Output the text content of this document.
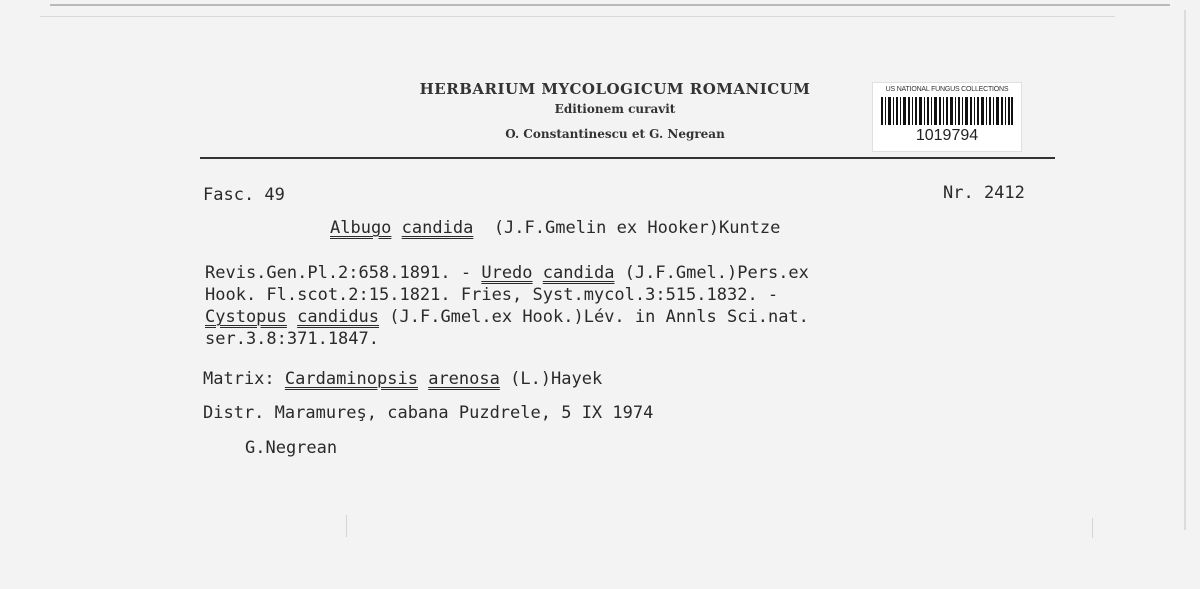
HERBARIUM MYCOLOGICUM ROMANICUM
Editionem curavit
O. Constantinescu et G. Negrean
US NATIONAL FUNGUS COLLECTIONS
1019794
Fasc. 49	Nr. 2412
Albugo candida (J.F.Gmelin ex Hooker)Kuntze
Revis.Gen.Pl.2:658.1891. - Uredo candida (J.F.Gmel.)Pers.ex
Hook. Fl.scot.2:15.1821. Fries, Syst.mycol.3:515.1832. -
Cystopus candidus (J.F.Gmel.ex Hook.)Lév. in Annls Sci.nat.
ser.3.8:371.1847.
Matrix: Cardaminopsis arenosa (L.)Hayek
Distr. Maramureş, cabana Puzdrele, 5 IX 1974
G.Negrean
